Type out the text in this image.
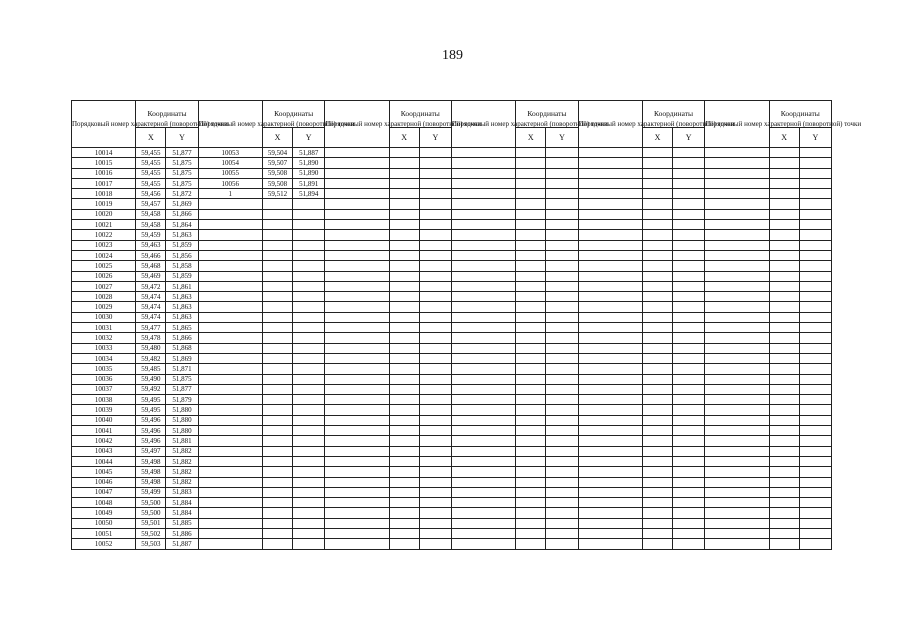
189
Порядковый номер характерной (поворотной) точки	Координаты		Порядковый номер характерной (поворотной) точки	Координаты		Порядковый номер характерной (поворотной) точки	Координаты		Порядковый номер характерной (поворотной) точки	Координаты		Порядковый номер характерной (поворотной) точки	Координаты		Порядковый номер характерной (поворотной) точки	Координаты	
	X	Y		X	Y		X	Y		X	Y		X	Y		X	Y
10014	59,455	51,877	10053	59,504	51,887												
10015	59,455	51,875	10054	59,507	51,890												
10016	59,455	51,875	10055	59,508	51,890												
10017	59,455	51,875	10056	59,508	51,891												
10018	59,456	51,872	1	59,512	51,894												
10019	59,457	51,869															
10020	59,458	51,866															
10021	59,458	51,864															
10022	59,459	51,863															
10023	59,463	51,859															
10024	59,466	51,856															
10025	59,468	51,858															
10026	59,469	51,859															
10027	59,472	51,861															
10028	59,474	51,863															
10029	59,474	51,863															
10030	59,474	51,863															
10031	59,477	51,865															
10032	59,478	51,866															
10033	59,480	51,868															
10034	59,482	51,869															
10035	59,485	51,871															
10036	59,490	51,875															
10037	59,492	51,877															
10038	59,495	51,879															
10039	59,495	51,880															
10040	59,496	51,880															
10041	59,496	51,880															
10042	59,496	51,881															
10043	59,497	51,882															
10044	59,498	51,882															
10045	59,498	51,882															
10046	59,498	51,882															
10047	59,499	51,883															
10048	59,500	51,884															
10049	59,500	51,884															
10050	59,501	51,885															
10051	59,502	51,886															
10052	59,503	51,887															
